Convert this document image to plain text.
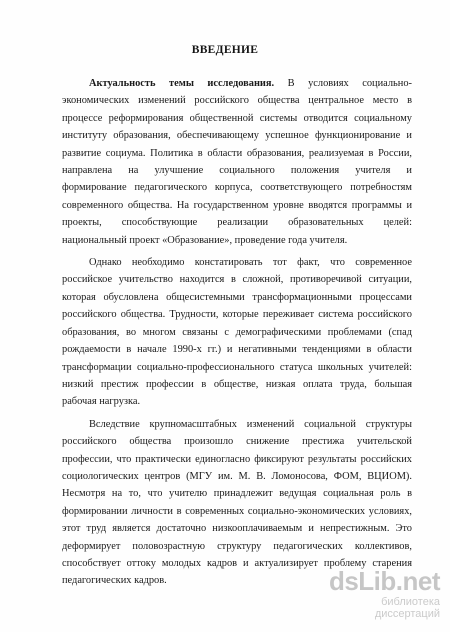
ВВЕДЕНИЕ
Актуальность темы исследования. В условиях социально-
экономических изменений российского общества центральное место в
процессе реформирования общественной системы отводится социальному
институту образования, обеспечивающему успешное функционирование и
развитие социума. Политика в области образования, реализуемая в России,
направлена на улучшение социального положения учителя и
формирование педагогического корпуса, соответствующего потребностям
современного общества. На государственном уровне вводятся программы и
проекты, способствующие реализации образовательных целей:
национальный проект «Образование», проведение года учителя.
Однако необходимо констатировать тот факт, что современное
российское учительство находится в сложной, противоречивой ситуации,
которая обусловлена общесистемными трансформационными процессами
российского общества. Трудности, которые переживает система российского
образования, во многом связаны с демографическими проблемами (спад
рождаемости в начале 1990-х гг.) и негативными тенденциями в области
трансформации социально-профессионального статуса школьных учителей:
низкий престиж профессии в обществе, низкая оплата труда, большая
рабочая нагрузка.
Вследствие крупномасштабных изменений социальной структуры
российского общества произошло снижение престижа учительской
профессии, что практически единогласно фиксируют результаты российских
социологических центров (МГУ им. М. В. Ломоносова, ФОМ, ВЦИОМ).
Несмотря на то, что учителю принадлежит ведущая социальная роль в
формировании личности в современных социально-экономических условиях,
этот труд является достаточно низкооплачиваемым и непрестижным. Это
деформирует половозрастную структуру педагогических коллективов,
способствует оттоку молодых кадров и актуализирует проблему старения
педагогических кадров.	dsLib.net
библиотека диссертаций
